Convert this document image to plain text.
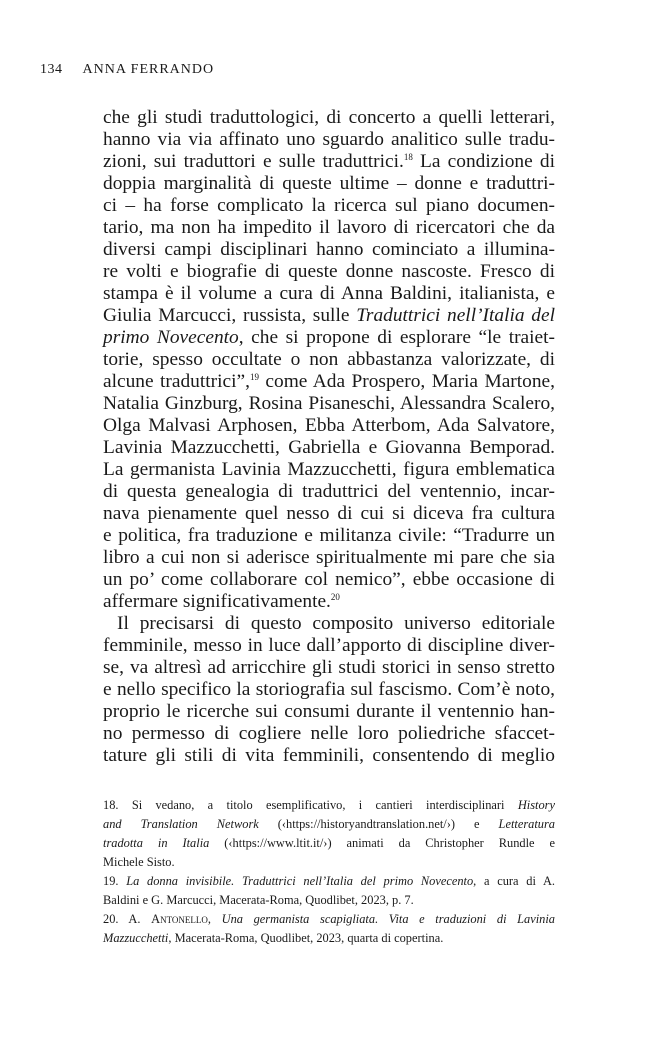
134 ANNA FERRANDO
che gli studi traduttologici, di concerto a quelli letterari,
hanno via via affinato uno sguardo analitico sulle tradu-
zioni, sui traduttori e sulle traduttrici.$^{18}$ La condizione di
doppia marginalità di queste ultime – donne e traduttri-
ci – ha forse complicato la ricerca sul piano documen-
tario, ma non ha impedito il lavoro di ricercatori che da
diversi campi disciplinari hanno cominciato a illumina-
re volti e biografie di queste donne nascoste. Fresco di
stampa è il volume a cura di Anna Baldini, italianista, e
Giulia Marcucci, russista, sulle Traduttrici nell’Italia del
primo Novecento, che si propone di esplorare “le traiet-
torie, spesso occultate o non abbastanza valorizzate, di
alcune traduttrici”,$^{19}$ come Ada Prospero, Maria Martone,
Natalia Ginzburg, Rosina Pisaneschi, Alessandra Scalero,
Olga Malvasi Arphosen, Ebba Atterbom, Ada Salvatore,
Lavinia Mazzucchetti, Gabriella e Giovanna Bemporad.
La germanista Lavinia Mazzucchetti, figura emblematica
di questa genealogia di traduttrici del ventennio, incar-
nava pienamente quel nesso di cui si diceva fra cultura
e politica, fra traduzione e militanza civile: “Tradurre un
libro a cui non si aderisce spiritualmente mi pare che sia
un po’ come collaborare col nemico”, ebbe occasione di
affermare significativamente.$^{20}$
Il precisarsi di questo composito universo editoriale
femminile, messo in luce dall’apporto di discipline diver-
se, va altresì ad arricchire gli studi storici in senso stretto
e nello specifico la storiografia sul fascismo. Com’è noto,
proprio le ricerche sui consumi durante il ventennio han-
no permesso di cogliere nelle loro poliedriche sfaccet-
tature gli stili di vita femminili, consentendo di meglio
18. Si vedano, a titolo esemplificativo, i cantieri interdisciplinari History
and Translation Network (‹https://historyandtranslation.net/›) e Letteratura
tradotta in Italia (‹https://www.ltit.it/›) animati da Christopher Rundle e
Michele Sisto.
19. La donna invisibile. Traduttrici nell’Italia del primo Novecento, a cura di A.
Baldini e G. Marcucci, Macerata-Roma, Quodlibet, 2023, p. 7.
20. A. Antonello, Una germanista scapigliata. Vita e traduzioni di Lavinia
Mazzucchetti, Macerata-Roma, Quodlibet, 2023, quarta di copertina.
